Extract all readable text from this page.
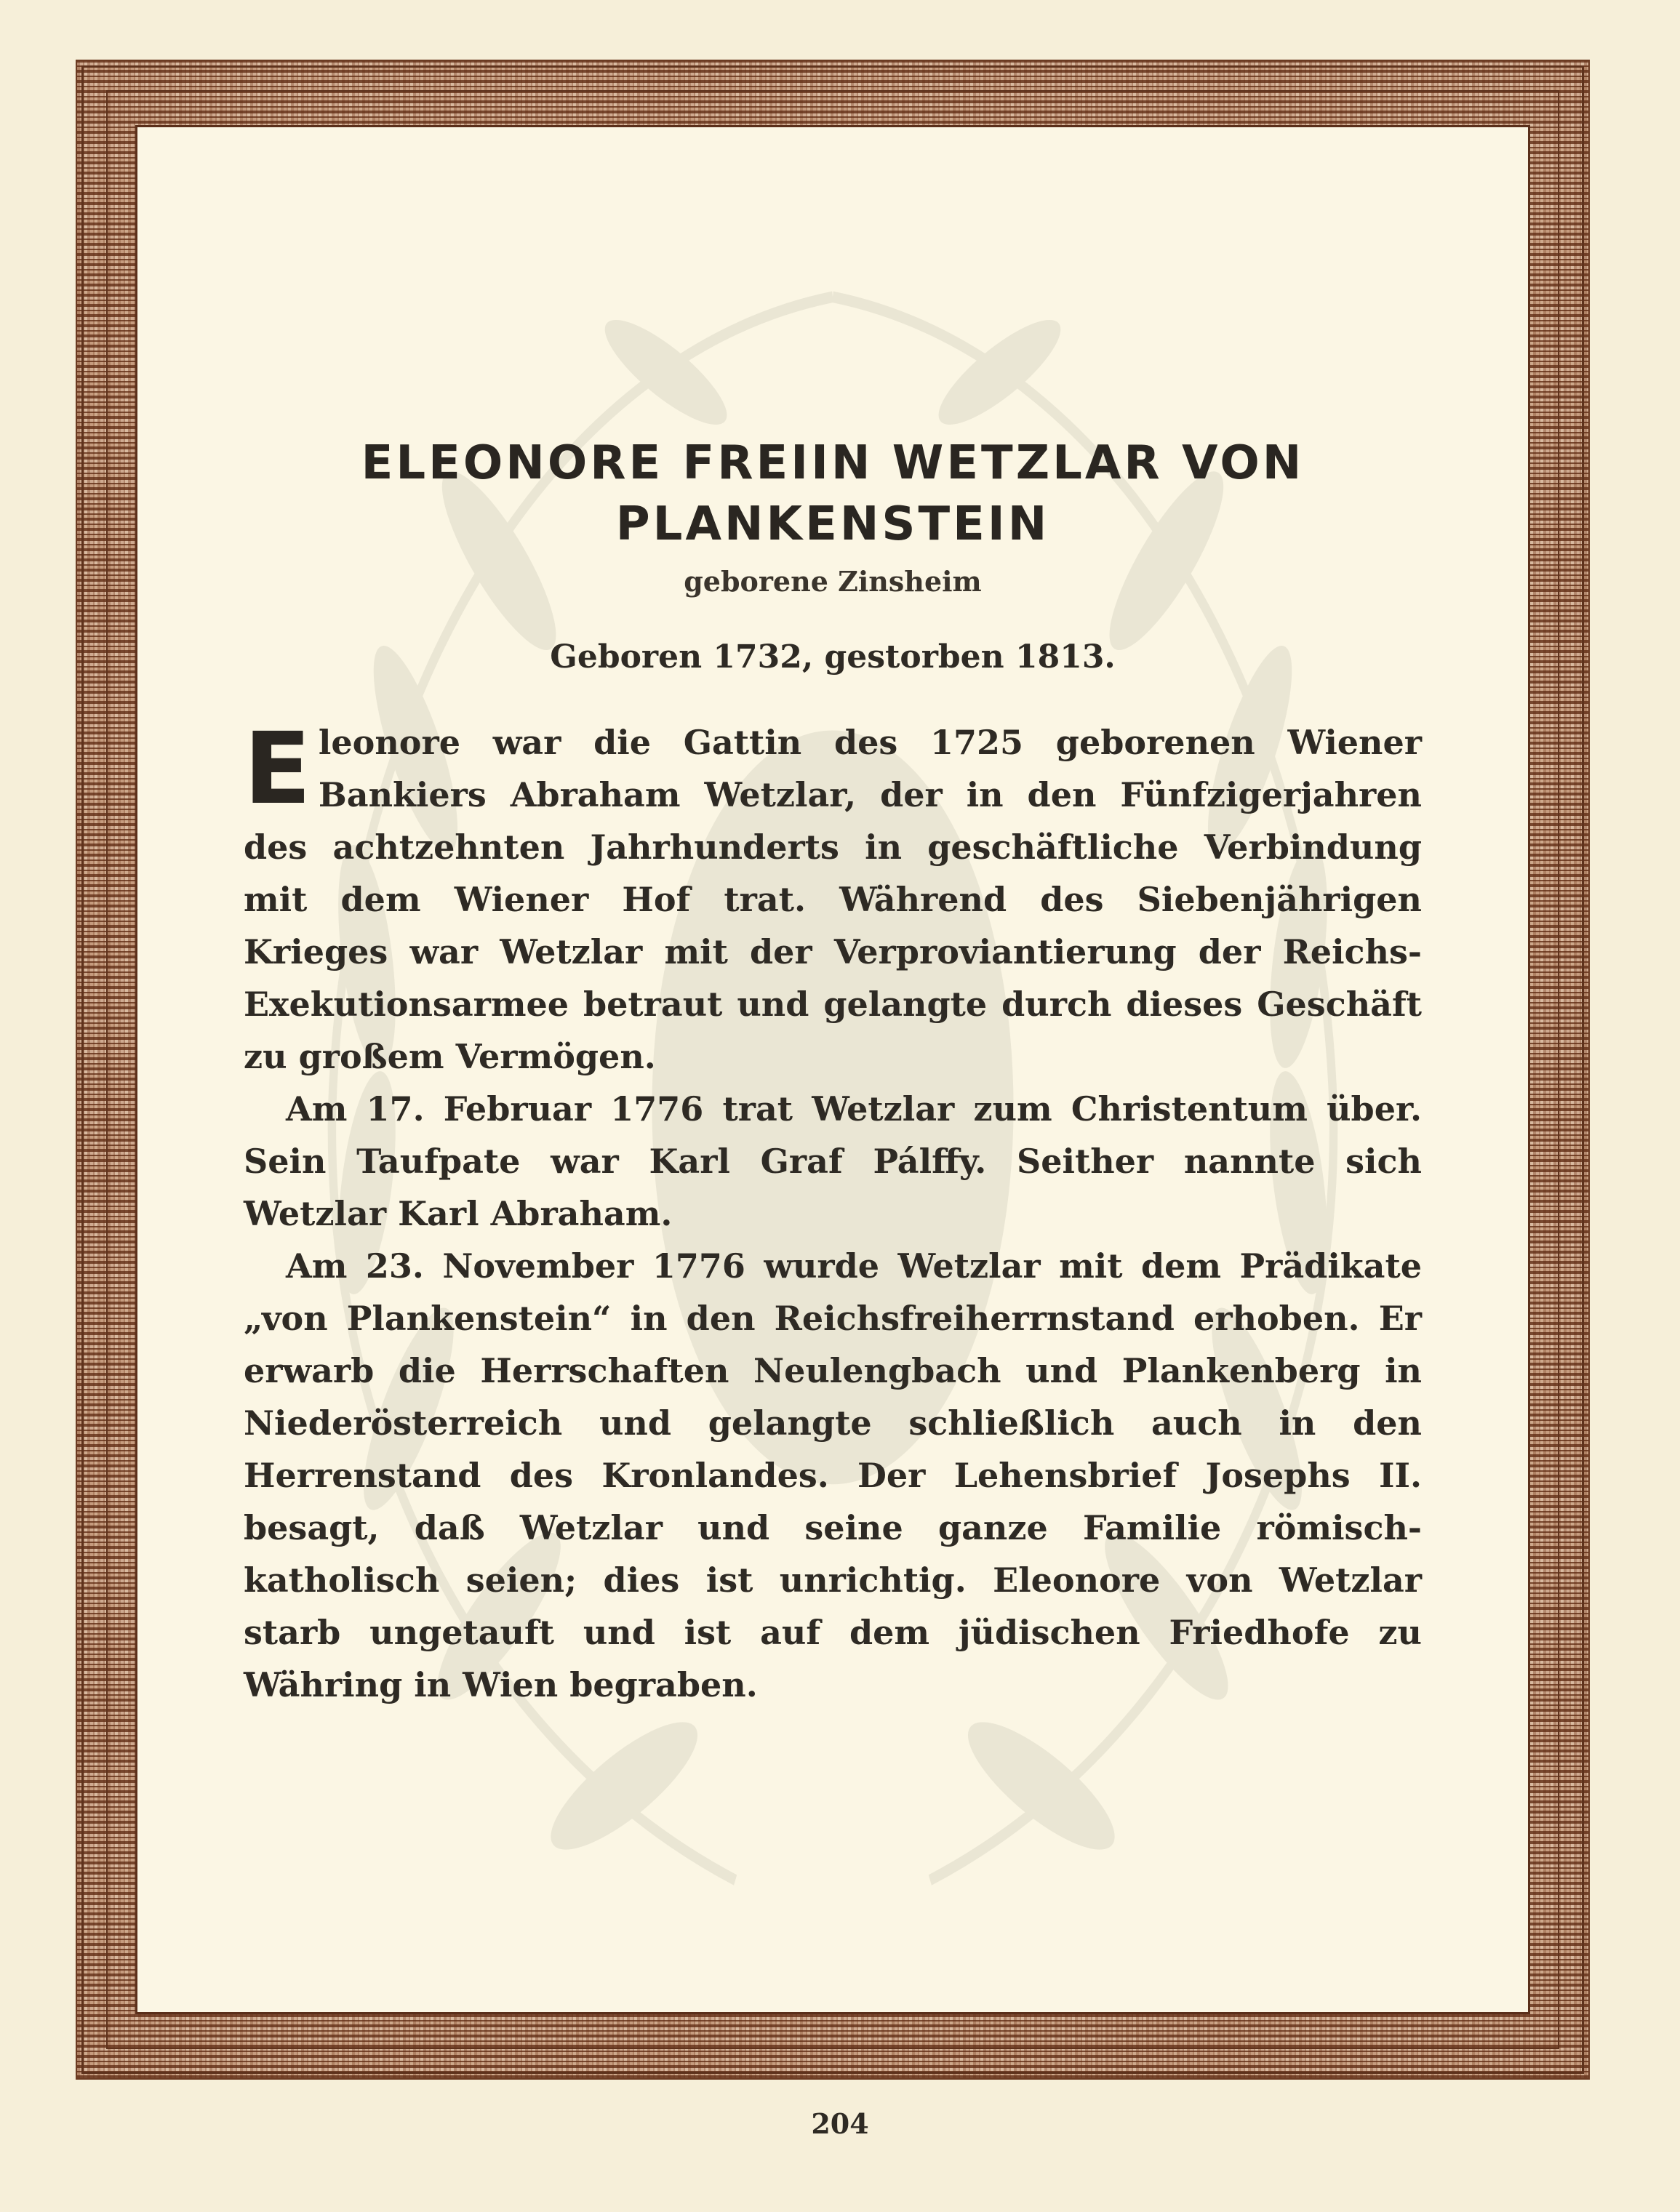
ELEONORE FREIIN WETZLAR VON
PLANKENSTEIN
geborene Zinsheim
Geboren 1732, gestorben 1813.

Eleonore war die Gattin des 1725 geborenen Wiener Bankiers Abraham Wetzlar, der in den Fünfzigerjahren des achtzehnten Jahrhunderts in geschäftliche Verbindung mit dem Wiener Hof trat. Während des Siebenjährigen Krieges war Wetzlar mit der Verproviantierung der Reichs-Exekutionsarmee betraut und gelangte durch dieses Geschäft zu großem Vermögen.

Am 17. Februar 1776 trat Wetzlar zum Christentum über. Sein Taufpate war Karl Graf Pálffy. Seither nannte sich Wetzlar Karl Abraham.

Am 23. November 1776 wurde Wetzlar mit dem Prädikate „von Plankenstein“ in den Reichsfreiherrnstand erhoben. Er erwarb die Herrschaften Neulengbach und Plankenberg in Niederösterreich und gelangte schließlich auch in den Herrenstand des Kronlandes. Der Lehensbrief Josephs II. besagt, daß Wetzlar und seine ganze Familie römisch-katholisch seien; dies ist unrichtig. Eleonore von Wetzlar starb ungetauft und ist auf dem jüdischen Friedhofe zu Währing in Wien begraben.

204
